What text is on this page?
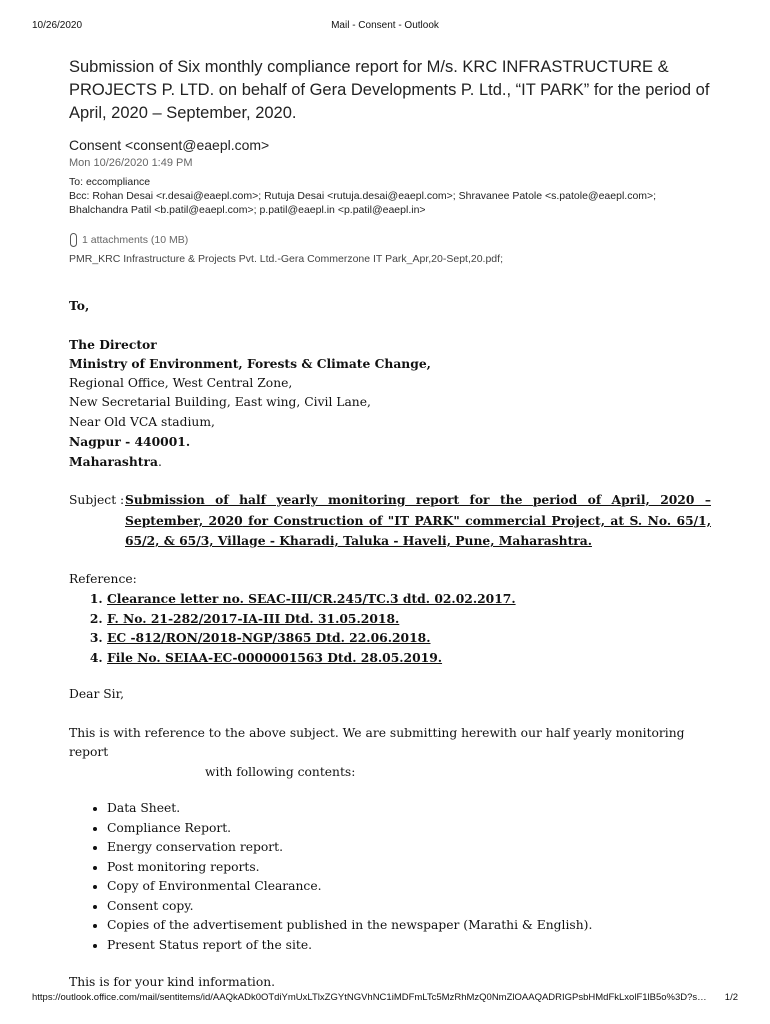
10/26/2020	Mail - Consent - Outlook
Submission of Six monthly compliance report for M/s. KRC INFRASTRUCTURE & PROJECTS P. LTD. on behalf of Gera Developments P. Ltd., “IT PARK” for the period of April, 2020 – September, 2020.
Consent <consent@eaepl.com>
Mon 10/26/2020 1:49 PM
To: eccompliance
Bcc: Rohan Desai <r.desai@eaepl.com>; Rutuja Desai <rutuja.desai@eaepl.com>; Shravanee Patole <s.patole@eaepl.com>;
Bhalchandra Patil <b.patil@eaepl.com>; p.patil@eaepl.in <p.patil@eaepl.in>
1 attachments (10 MB)
PMR_KRC Infrastructure & Projects Pvt. Ltd.-Gera Commerzone IT Park_Apr,20-Sept,20.pdf;

To,

The Director

Ministry of Environment, Forests & Climate Change,

Regional Office, West Central Zone,

New Secretarial Building, East wing, Civil Lane,

Near Old VCA stadium,

Nagpur - 440001.

Maharashtra.

Subject : Submission of half yearly monitoring report for the period of April, 2020 – September, 2020 for Construction of "IT PARK" commercial Project, at S. No. 65/1, 65/2, & 65/3, Village - Kharadi, Taluka - Haveli, Pune, Maharashtra.

Reference:

1. Clearance letter no. SEAC-III/CR.245/TC.3 dtd. 02.02.2017.
2. F. No. 21-282/2017-IA-III Dtd. 31.05.2018.
3. EC -812/RON/2018-NGP/3865 Dtd. 22.06.2018.
4. File No. SEIAA-EC-0000001563 Dtd. 28.05.2019.

Dear Sir,

This is with reference to the above subject. We are submitting herewith our half yearly monitoring report

with following contents:

• Data Sheet.
• Compliance Report.
• Energy conservation report.
• Post monitoring reports.
• Copy of Environmental Clearance.
• Consent copy.
• Copies of the advertisement published in the newspaper (Marathi & English).
• Present Status report of the site.

This is for your kind information.

https://outlook.office.com/mail/sentitems/id/AAQkADk0OTdiYmUxLTlxZGYtNGVhNC1iMDFmLTc5MzRhMzQ0NmZlOAAQADRIGPsbHMdFkLxolF1lB5o%3D?s…	1/2
